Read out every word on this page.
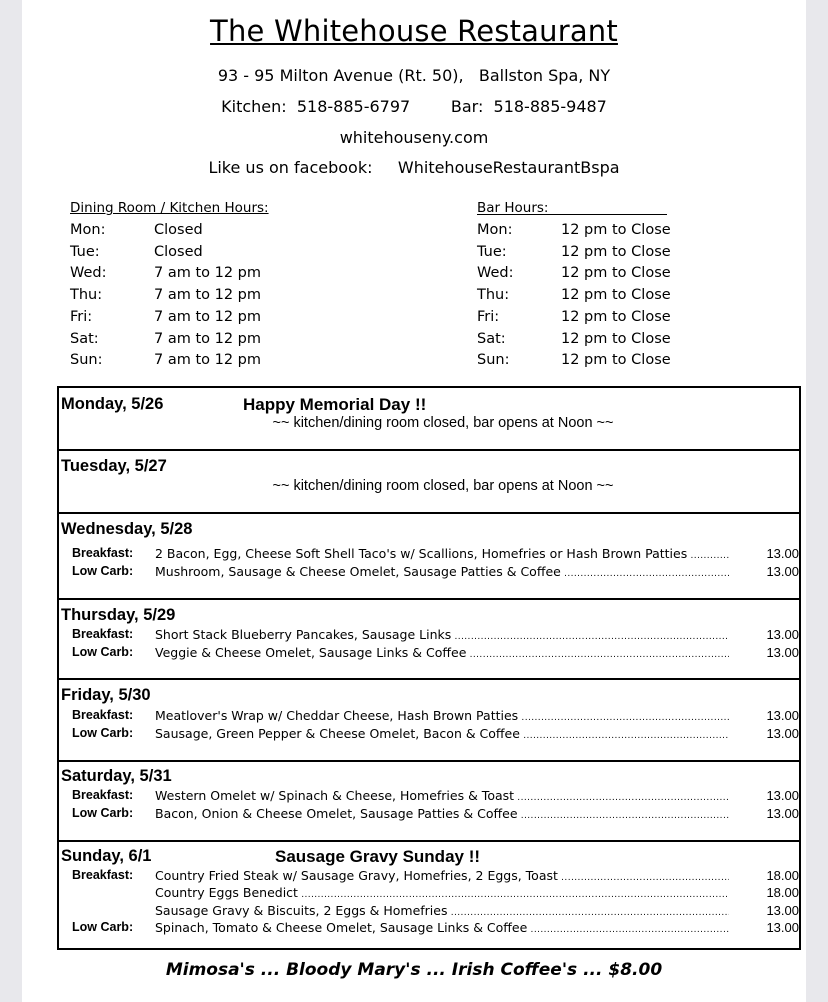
The Whitehouse Restaurant
93 - 95 Milton Avenue (Rt. 50), Ballston Spa, NY
Kitchen: 518-885-6797	Bar: 518-885-9487
whitehouseny.com
Like us on facebook: WhitehouseRestaurantBspa
Dining Room / Kitchen Hours:
Mon:	Closed
Tue:	Closed
Wed:	7 am to 12 pm
Thu:	7 am to 12 pm
Fri:	7 am to 12 pm
Sat:	7 am to 12 pm
Sun:	7 am to 12 pm
Bar Hours:
Mon:	12 pm to Close
Tue:	12 pm to Close
Wed:	12 pm to Close
Thu:	12 pm to Close
Fri:	12 pm to Close
Sat:	12 pm to Close
Sun:	12 pm to Close
Monday, 5/26	Happy Memorial Day !!
~~ kitchen/dining room closed, bar opens at Noon ~~
Tuesday, 5/27
~~ kitchen/dining room closed, bar opens at Noon ~~
Wednesday, 5/28
Breakfast: 2 Bacon, Egg, Cheese Soft Shell Taco's w/ Scallions, Homefries or Hash Brown Patties .....	13.00
Low Carb: Mushroom, Sausage & Cheese Omelet, Sausage Patties & Coffee .....	13.00
Thursday, 5/29
Breakfast: Short Stack Blueberry Pancakes, Sausage Links .....	13.00
Low Carb: Veggie & Cheese Omelet, Sausage Links & Coffee .....	13.00
Friday, 5/30
Breakfast: Meatlover's Wrap w/ Cheddar Cheese, Hash Brown Patties .....	13.00
Low Carb: Sausage, Green Pepper & Cheese Omelet, Bacon & Coffee .....	13.00
Saturday, 5/31
Breakfast: Western Omelet w/ Spinach & Cheese, Homefries & Toast .....	13.00
Low Carb: Bacon, Onion & Cheese Omelet, Sausage Patties & Coffee .....	13.00
Sunday, 6/1	Sausage Gravy Sunday !!
Breakfast: Country Fried Steak w/ Sausage Gravy, Homefries, 2 Eggs, Toast .....	18.00
Country Eggs Benedict .....	18.00
Sausage Gravy & Biscuits, 2 Eggs & Homefries .....	13.00
Low Carb: Spinach, Tomato & Cheese Omelet, Sausage Links & Coffee .....	13.00
Mimosa's ... Bloody Mary's ... Irish Coffee's ... $8.00
